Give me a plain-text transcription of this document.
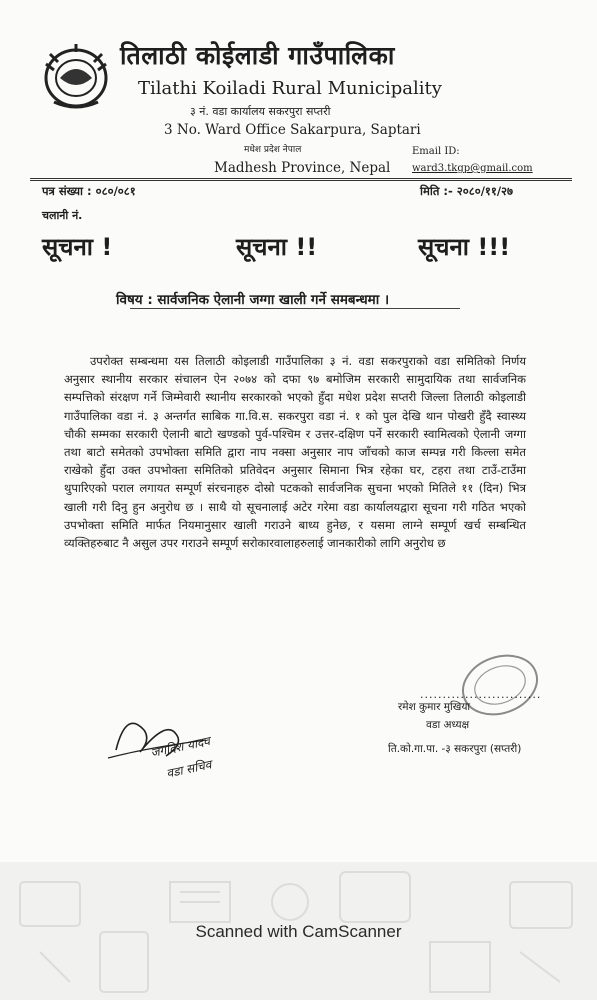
तिलाठी कोईलाडी गाउँपालिका
Tilathi Koiladi Rural Municipality
३ नं. वडा कार्यालय सकरपुरा सप्तरी
3 No. Ward Office Sakarpura, Saptari
मधेश प्रदेश नेपाल
Madhesh Province, Nepal
Email ID:
ward3.tkgp@gmail.com
पत्र संख्या : ०८०/०८१	मिति :- २०८०/११/२७
चलानी नं.
सूचना !	सूचना !!	सूचना !!!
विषय : सार्वजनिक ऐलानी जग्गा खाली गर्ने समबन्धमा ।
उपरोक्त सम्बन्धमा यस तिलाठी कोइलाडी गाउँपालिका ३ नं. वडा सकरपुराको वडा समितिको निर्णय अनुसार स्थानीय सरकार संचालन ऐन २०७४ को दफा ९७ बमोजिम सरकारी सामुदायिक तथा सार्वजनिक सम्पत्तिको संरक्षण गर्ने जिम्मेवारी स्थानीय सरकारको भएको हुँदा मधेश प्रदेश सप्तरी जिल्ला तिलाठी कोइलाडी गाउँपालिका वडा नं. ३ अन्तर्गत साबिक गा.वि.स. सकरपुरा वडा नं. १ को पुल देखि थान पोखरी हुँदै स्वास्थ्य चौकी सम्मका सरकारी ऐलानी बाटो खण्डको पुर्व-पश्चिम र उत्तर-दक्षिण पर्ने सरकारी स्वामित्वको ऐलानी जग्गा तथा बाटो समेतको उपभोक्ता समिति द्वारा नाप नक्सा अनुसार नाप जाँचको काज सम्पन्न गरी किल्ला समेत राखेको हुँदा उक्त उपभोक्ता समितिको प्रतिवेदन अनुसार सिमाना भित्र रहेका घर, टहरा तथा टाउँ-टाउँमा थुपारिएको पराल लगायत सम्पूर्ण संरचनाहरु दोस्रो पटकको सार्वजनिक सुचना भएको मितिले ११ (दिन) भित्र खाली गरी दिनु हुन अनुरोध छ । साथै यो सूचनालाई अटेर गरेमा वडा कार्यालयद्वारा सूचना गरी गठित भएको उपभोक्ता समिति मार्फत नियमानुसार खाली गराउने बाध्य हुनेछ, र यसमा लाग्ने सम्पूर्ण खर्च सम्बन्धित व्यक्तिहरुबाट नै असुल उपर गराउने सम्पूर्ण सरोकारवालाहरुलाई जानकारीको लागि अनुरोध छ
जगदिश यादव
वडा सचिव
...........................
रमेश कुमार मुखिया
वडा अध्यक्ष
ति.को.गा.पा. -३ सकरपुरा (सप्तरी)
Scanned with CamScanner
